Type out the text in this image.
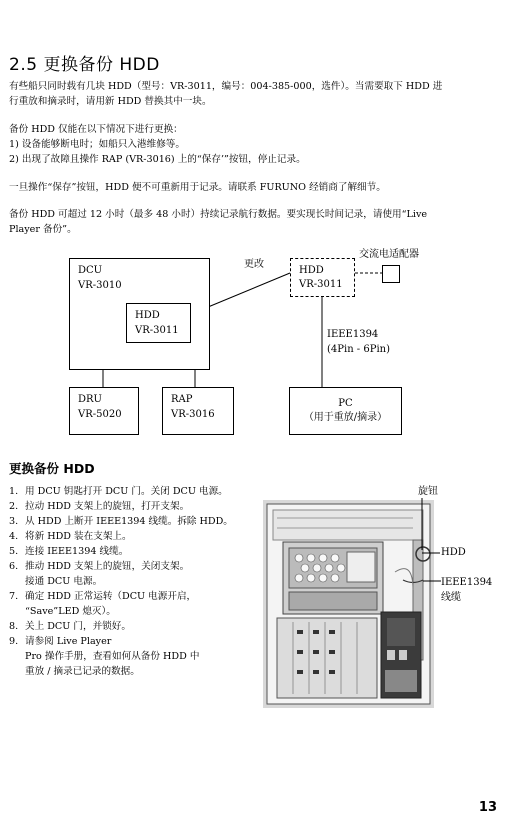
2.5 更换备份 HDD
有些船只同时载有几块 HDD（型号：VR-3011，编号：004-385-000，选件）。当需要取下 HDD 进
行重放和摘录时，请用新 HDD 替换其中一块。
备份 HDD 仅能在以下情况下进行更换：
1) 设备能够断电时；如船只入港维修等。
2) 出现了故障且操作 RAP (VR-3016) 上的“保存’”按钮，停止记录。
一旦操作“保存”按钮，HDD 便不可重新用于记录。请联系 FURUNO 经销商了解细节。
备份 HDD 可超过 12 小时（最多 48 小时）持续记录航行数据。要实现长时间记录，请使用“Live
Player 备份”。
DCU
VR-3010
HDD
VR-3011
HDD
VR-3011
更改
交流电适配器
IEEE1394
(4Pin - 6Pin)
DRU
VR-5020
RAP
VR-3016
PC
（用于重放/摘录）
更换备份 HDD
1. 用 DCU 钥匙打开 DCU 门。关闭 DCU 电源。
2. 拉动 HDD 支架上的旋钮，打开支架。
3. 从 HDD 上断开 IEEE1394 线缆。拆除 HDD。
4. 将新 HDD 装在支架上。
5. 连接 IEEE1394 线缆。
6. 推动 HDD 支架上的旋钮，关闭支架。
接通 DCU 电源。
7. 确定 HDD 正常运转（DCU 电源开启，
“Save”LED 熄灭）。
8. 关上 DCU 门，并锁好。
9. 请参阅 Live Player
Pro 操作手册，查看如何从备份 HDD 中
重放 / 摘录已记录的数据。
旋钮
HDD
IEEE1394
线缆
13
